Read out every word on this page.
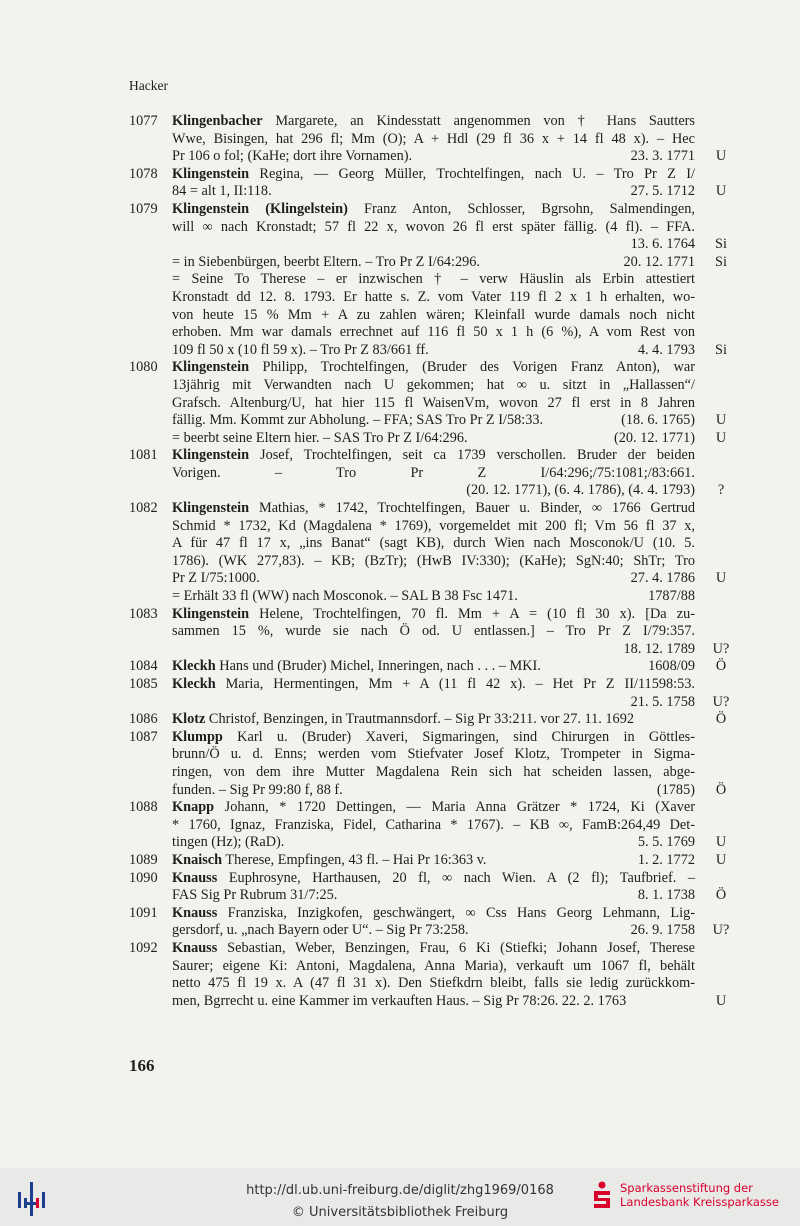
Hacker
1077	Klingenbacher Margarete, an Kindesstatt angenommen von † Hans Sautters
Wwe, Bisingen, hat 296 fl; Mm (O); A + Hdl (29 fl 36 x + 14 fl 48 x). – Hec
Pr 106 o fol; (KaHe; dort ihre Vornamen).	23. 3. 1771	U
1078	Klingenstein Regina, –– Georg Müller, Trochtelfingen, nach U. – Tro Pr Z I/
84 = alt 1, II:118.	27. 5. 1712	U
1079	Klingenstein (Klingelstein) Franz Anton, Schlosser, Bgrsohn, Salmendingen,
will ∞ nach Kronstadt; 57 fl 22 x, wovon 26 fl erst später fällig. (4 fl). – FFA.
13. 6. 1764	Si
= in Siebenbürgen, beerbt Eltern. – Tro Pr Z I/64:296.	20. 12. 1771	Si
= Seine To Therese – er inzwischen † – verw Häuslin als Erbin attestiert
Kronstadt dd 12. 8. 1793. Er hatte s. Z. vom Vater 119 fl 2 x 1 h erhalten, wo-
von heute 15 % Mm + A zu zahlen wären; Kleinfall wurde damals noch nicht
erhoben. Mm war damals errechnet auf 116 fl 50 x 1 h (6 %), A vom Rest von
109 fl 50 x (10 fl 59 x). – Tro Pr Z 83/661 ff.	4. 4. 1793	Si
1080	Klingenstein Philipp, Trochtelfingen, (Bruder des Vorigen Franz Anton), war
13jährig mit Verwandten nach U gekommen; hat ∞ u. sitzt in „Hallassen“/
Grafsch. Altenburg/U, hat hier 115 fl WaisenVm, wovon 27 fl erst in 8 Jahren
fällig. Mm. Kommt zur Abholung. – FFA; SAS Tro Pr Z I/58:33.	(18. 6. 1765)	U
= beerbt seine Eltern hier. – SAS Tro Pr Z I/64:296.	(20. 12. 1771)	U
1081	Klingenstein Josef, Trochtelfingen, seit ca 1739 verschollen. Bruder der beiden
Vorigen. – Tro Pr Z I/64:296;/75:1081;/83:661.
(20. 12. 1771), (6. 4. 1786), (4. 4. 1793)	?
1082	Klingenstein Mathias, * 1742, Trochtelfingen, Bauer u. Binder, ∞ 1766 Gertrud
Schmid * 1732, Kd (Magdalena * 1769), vorgemeldet mit 200 fl; Vm 56 fl 37 x,
A für 47 fl 17 x, „ins Banat“ (sagt KB), durch Wien nach Mosconok/U (10. 5.
1786). (WK 277,83). – KB; (BzTr); (HwB IV:330); (KaHe); SgN:40; ShTr; Tro
Pr Z I/75:1000.	27. 4. 1786	U
= Erhält 33 fl (WW) nach Mosconok. – SAL B 38 Fsc 1471.	1787/88
1083	Klingenstein Helene, Trochtelfingen, 70 fl. Mm + A = (10 fl 30 x). [Da zu-
sammen 15 %, wurde sie nach Ö od. U entlassen.] – Tro Pr Z I/79:357.
18. 12. 1789 U?
1084	Kleckh Hans und (Bruder) Michel, Inneringen, nach . . . – MKI.	1608/09	Ö
1085	Kleckh Maria, Hermentingen, Mm + A (11 fl 42 x). – Het Pr Z II/11598:53.
21. 5. 1758 U?
1086	Klotz Christof, Benzingen, in Trautmannsdorf. – Sig Pr 33:211. vor 27. 11. 1692	Ö
1087	Klumpp Karl u. (Bruder) Xaveri, Sigmaringen, sind Chirurgen in Göttles-
brunn/Ö u. d. Enns; werden vom Stiefvater Josef Klotz, Trompeter in Sigma-
ringen, von dem ihre Mutter Magdalena Rein sich hat scheiden lassen, abge-
funden. – Sig Pr 99:80 f, 88 f.	(1785)	Ö
1088	Knapp Johann, * 1720 Dettingen, –– Maria Anna Grätzer * 1724, Ki (Xaver
* 1760, Ignaz, Franziska, Fidel, Catharina * 1767). – KB ∞, FamB:264,49 Det-
tingen (Hz); (RaD).	5. 5. 1769	U
1089	Knaisch Therese, Empfingen, 43 fl. – Hai Pr 16:363 v.	1. 2. 1772	U
1090	Knauss Euphrosyne, Harthausen, 20 fl, ∞ nach Wien. A (2 fl); Taufbrief. –
FAS Sig Pr Rubrum 31/7:25.	8. 1. 1738	Ö
1091	Knauss Franziska, Inzigkofen, geschwängert, ∞ Css Hans Georg Lehmann, Lig-
gersdorf, u. „nach Bayern oder U“. – Sig Pr 73:258.	26. 9. 1758 U?
1092	Knauss Sebastian, Weber, Benzingen, Frau, 6 Ki (Stiefki; Johann Josef, Therese
Saurer; eigene Ki: Antoni, Magdalena, Anna Maria), verkauft um 1067 fl, behält
netto 475 fl 19 x. A (47 fl 31 x). Den Stiefkdrn bleibt, falls sie ledig zurückkom-
men, Bgrrecht u. eine Kammer im verkauften Haus. – Sig Pr 78:26. 22. 2. 1763	U
166
Sparkassenstiftung der
Landesbank Kreissparkasse
http://dl.ub.uni-freiburg.de/diglit/zhg1969/0168
© Universitätsbibliothek Freiburg
